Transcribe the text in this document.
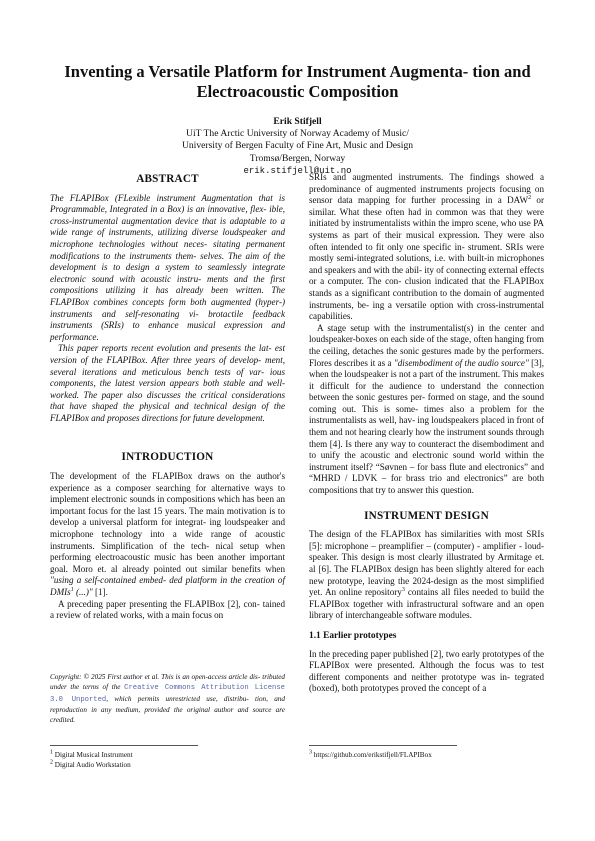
Inventing a Versatile Platform for Instrument Augmenta- tion and Electroacoustic Composition
Erik Stifjell
UiT The Arctic University of Norway Academy of Music/
University of Bergen Faculty of Fine Art, Music and Design
Tromsø/Bergen, Norway
erik.stifjell@uit.no
ABSTRACT

The FLAPIBox (FLexible instrument Augmentation that is Programmable, Integrated in a Box) is an innovative, flex- ible, cross-instrumental augmentation device that is adaptable to a wide range of instruments, utilizing diverse loudspeaker and microphone technologies without neces- sitating permanent modifications to the instruments them- selves. The aim of the development is to design a system to seamlessly integrate electronic sound with acoustic instru- ments and the first compositions utilizing it has already been written. The FLAPIBox combines concepts form both augmented (hyper-) instruments and self-resonating vi- brotactile feedback instruments (SRIs) to enhance musical expression and performance.

This paper reports recent evolution and presents the lat- est version of the FLAPIBox. After three years of develop- ment, several iterations and meticulous bench tests of var- ious components, the latest version appears both stable and well-worked. The paper also discusses the critical considerations that have shaped the physical and technical design of the FLAPIBox and proposes directions for future development.

INTRODUCTION

The development of the FLAPIBox draws on the author's experience as a composer searching for alternative ways to implement electronic sounds in compositions which has been an important focus for the last 15 years. The main motivation is to develop a universal platform for integrat- ing loudspeaker and microphone technology into a wide range of acoustic instruments. Simplification of the tech- nical setup when performing electroacoustic music has been another important goal. Moro et. al already pointed out similar benefits when "using a self-contained embed- ded platform in the creation of DMIs$^1$ (...)" [1].

A preceding paper presenting the FLAPIBox [2], con- tained a review of related works, with a main focus on

Copyright: © 2025 First author et al. This is an open-access article dis- tributed under the terms of the Creative Commons Attribution License 3.0 Unported, which permits unrestricted use, distribu- tion, and reproduction in any medium, provided the original author and source are credited.
$^1$ Digital Musical Instrument
$^2$ Digital Audio Workstation

SRIs and augmented instruments. The findings showed a predominance of augmented instruments projects focusing on sensor data mapping for further processing in a DAW$^2$ or similar. What these often had in common was that they were initiated by instrumentalists within the impro scene, who use PA systems as part of their musical expression. They were also often intended to fit only one specific in- strument. SRIs were mostly semi-integrated solutions, i.e. with built-in microphones and speakers and with the abil- ity of connecting external effects or a computer. The con- clusion indicated that the FLAPIBox stands as a significant contribution to the domain of augmented instruments, be- ing a versatile option with cross-instrumental capabilities.

A stage setup with the instrumentalist(s) in the center and loudspeaker-boxes on each side of the stage, often hanging from the ceiling, detaches the sonic gestures made by the performers. Flores describes it as a "disembodiment of the audio source" [3], when the loudspeaker is not a part of the instrument. This makes it difficult for the audience to understand the connection between the sonic gestures per- formed on stage, and the sound coming out. This is some- times also a problem for the instrumentalists as well, hav- ing loudspeakers placed in front of them and not hearing clearly how the instrument sounds through them [4]. Is there any way to counteract the disembodiment and to unify the acoustic and electronic sound world within the instrument itself? “Søvnen – for bass flute and electronics” and “MHRD / LDVK – for brass trio and electronics” are both compositions that try to answer this question.

INSTRUMENT DESIGN

The design of the FLAPIBox has similarities with most SRIs [5]: microphone – preamplifier – (computer) - amplifier - loud- speaker. This design is most clearly illustrated by Armitage et. al [6]. The FLAPIBox design has been slightly altered for each new prototype, leaving the 2024-design as the most simplified yet. An online repository$^3$ contains all files needed to build the FLAPIBox together with infrastructural software and an open library of interchangeable software modules.

1.1 Earlier prototypes

In the preceding paper published [2], two early prototypes of the FLAPIBox were presented. Although the focus was to test different components and neither prototype was in- tegrated (boxed), both prototypes proved the concept of a

$^3$ https://github.com/erikstifjell/FLAPIBox
